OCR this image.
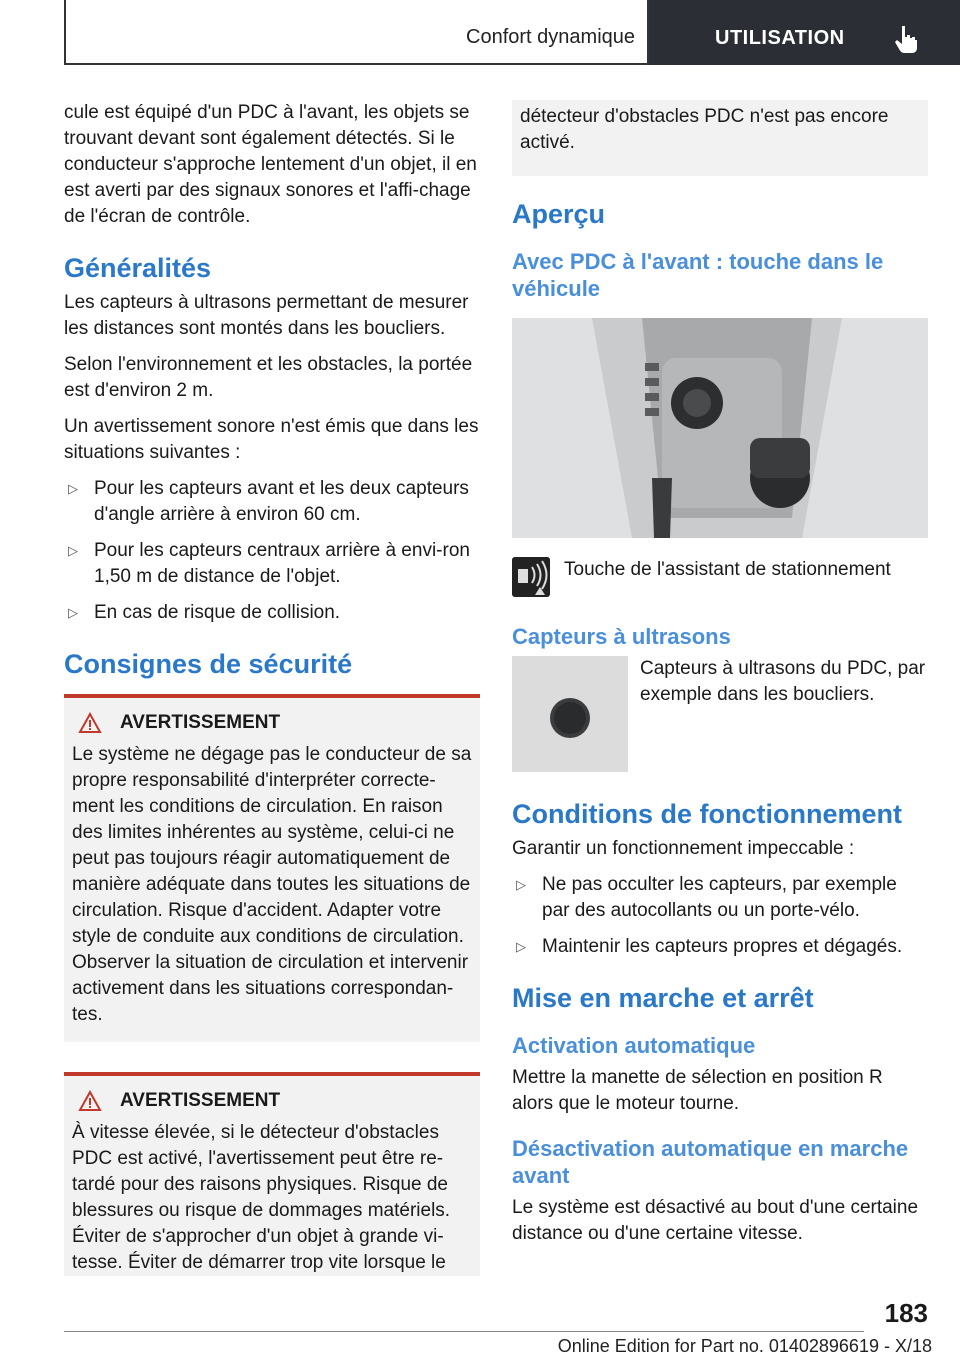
Confort dynamique	UTILISATION

cule est équipé d'un PDC à l'avant, les objets se trouvant devant sont également détectés. Si le conducteur s'approche lentement d'un objet, il en est averti par des signaux sonores et l'affi-chage de l'écran de contrôle.

Généralités

Les capteurs à ultrasons permettant de mesurer les distances sont montés dans les boucliers.

Selon l'environnement et les obstacles, la portée est d'environ 2 m.

Un avertissement sonore n'est émis que dans les situations suivantes :

▷ Pour les capteurs avant et les deux capteurs d'angle arrière à environ 60 cm.
▷ Pour les capteurs centraux arrière à envi-ron 1,50 m de distance de l'objet.
▷ En cas de risque de collision.
Consignes de sécurité
AVERTISSEMENT

Le système ne dégage pas le conducteur de sa propre responsabilité d'interpréter correcte-ment les conditions de circulation. En raison des limites inhérentes au système, celui-ci ne peut pas toujours réagir automatiquement de manière adéquate dans toutes les situations de circulation. Risque d'accident. Adapter votre style de conduite aux conditions de circulation. Observer la situation de circulation et intervenir activement dans les situations correspondan-tes.

AVERTISSEMENT

À vitesse élevée, si le détecteur d'obstacles PDC est activé, l'avertissement peut être re-tardé pour des raisons physiques. Risque de blessures ou risque de dommages matériels. Éviter de s'approcher d'un objet à grande vi-tesse. Éviter de démarrer trop vite lorsque le

détecteur d'obstacles PDC n'est pas encore activé.

Aperçu
Avec PDC à l'avant : touche dans le véhicule

Touche de l'assistant de stationnement

Capteurs à ultrasons

Capteurs à ultrasons du PDC, par exemple dans les boucliers.

Conditions de fonctionnement

Garantir un fonctionnement impeccable :

▷ Ne pas occulter les capteurs, par exemple par des autocollants ou un porte-vélo.
▷ Maintenir les capteurs propres et dégagés.
Mise en marche et arrêt
Activation automatique

Mettre la manette de sélection en position R alors que le moteur tourne.

Désactivation automatique en marche avant

Le système est désactivé au bout d'une certaine distance ou d'une certaine vitesse.

183
Online Edition for Part no. 01402896619 - X/18
